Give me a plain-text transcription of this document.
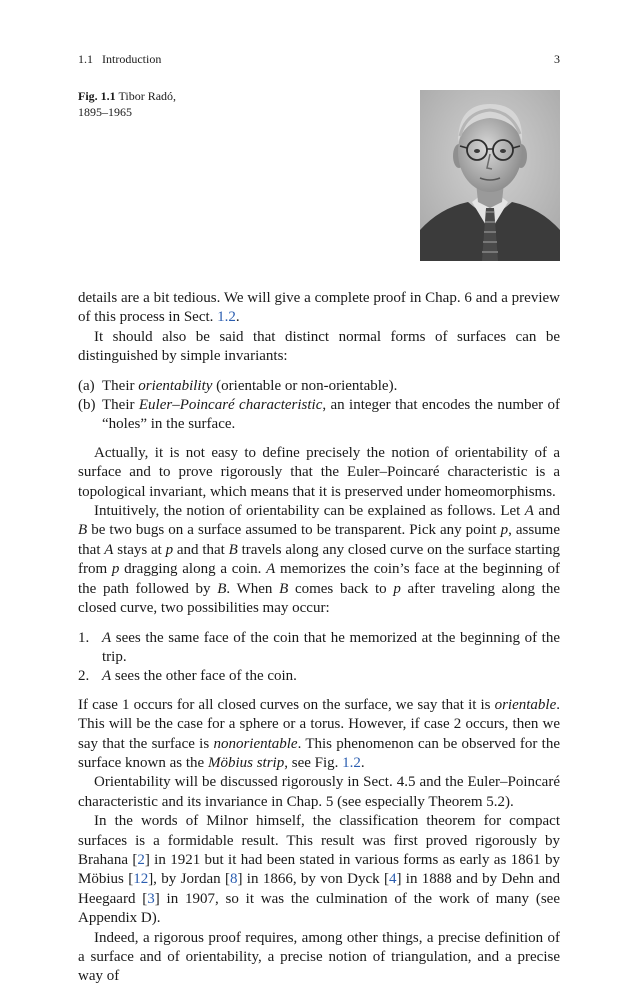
1.1 Introduction	3
Fig. 1.1 Tibor Radó,
1895–1965

details are a bit tedious. We will give a complete proof in Chap. 6 and a preview of this process in Sect. 1.2.

It should also be said that distinct normal forms of surfaces can be distinguished by simple invariants:

(a) Their orientability (orientable or non-orientable).
(b) Their Euler–Poincaré characteristic, an integer that encodes the number of “holes” in the surface.

Actually, it is not easy to define precisely the notion of orientability of a surface and to prove rigorously that the Euler–Poincaré characteristic is a topological invariant, which means that it is preserved under homeomorphisms.

Intuitively, the notion of orientability can be explained as follows. Let A and B be two bugs on a surface assumed to be transparent. Pick any point p, assume that A stays at p and that B travels along any closed curve on the surface starting from p dragging along a coin. A memorizes the coin’s face at the beginning of the path followed by B. When B comes back to p after traveling along the closed curve, two possibilities may occur:

1. A sees the same face of the coin that he memorized at the beginning of the trip.
2. A sees the other face of the coin.

If case 1 occurs for all closed curves on the surface, we say that it is orientable. This will be the case for a sphere or a torus. However, if case 2 occurs, then we say that the surface is nonorientable. This phenomenon can be observed for the surface known as the Möbius strip, see Fig. 1.2.

Orientability will be discussed rigorously in Sect. 4.5 and the Euler–Poincaré characteristic and its invariance in Chap. 5 (see especially Theorem 5.2).

In the words of Milnor himself, the classification theorem for compact surfaces is a formidable result. This result was first proved rigorously by Brahana [2] in 1921 but it had been stated in various forms as early as 1861 by Möbius [12], by Jordan [8] in 1866, by von Dyck [4] in 1888 and by Dehn and Heegaard [3] in 1907, so it was the culmination of the work of many (see Appendix D).

Indeed, a rigorous proof requires, among other things, a precise definition of a surface and of orientability, a precise notion of triangulation, and a precise way of
